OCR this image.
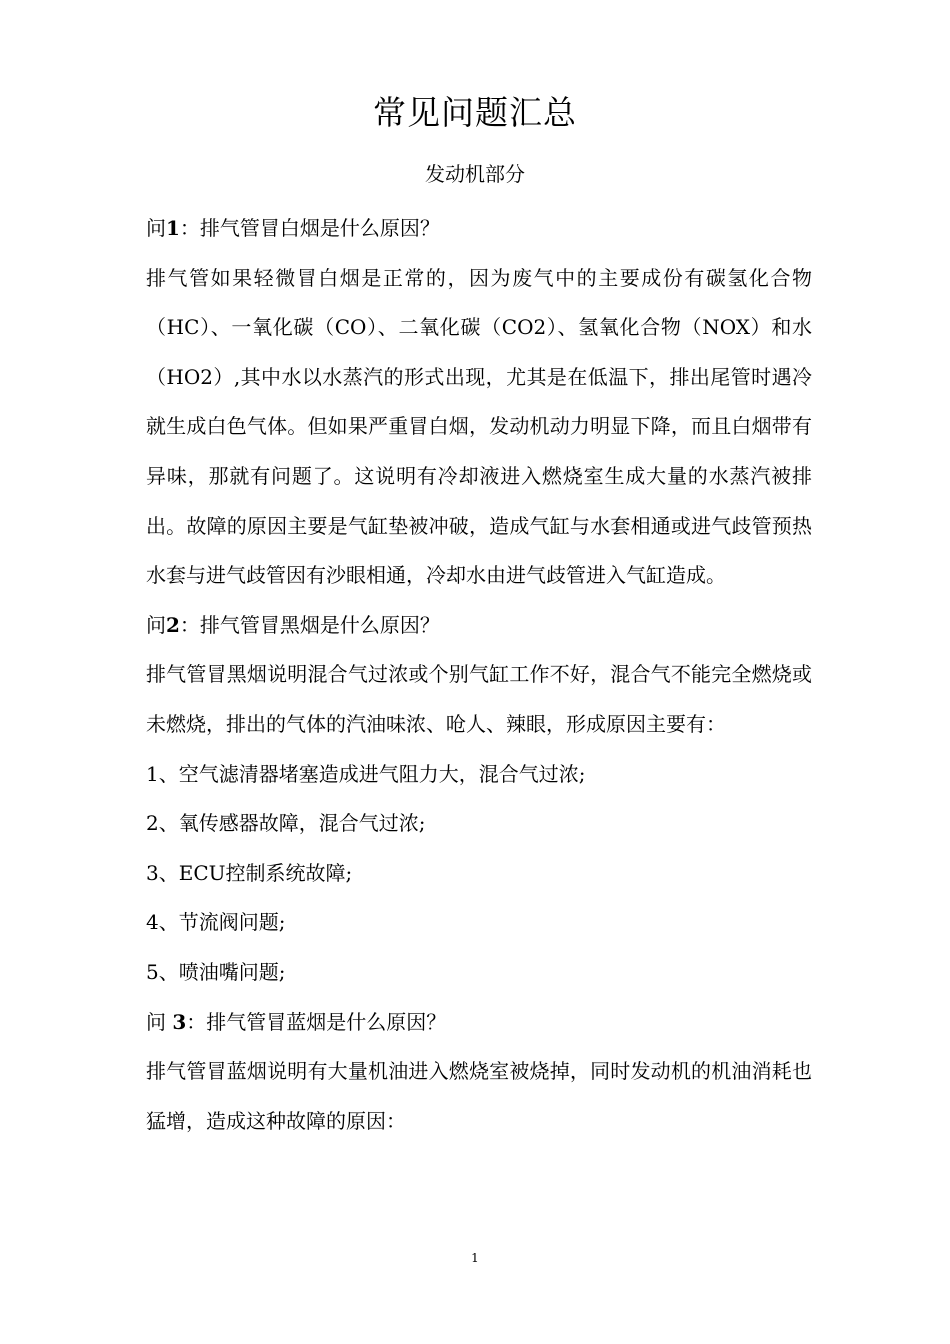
常见问题汇总
发动机部分

问1：排气管冒白烟是什么原因？

排气管如果轻微冒白烟是正常的，因为废气中的主要成份有碳氢化合物（HC）、一氧化碳（CO）、二氧化碳（CO2）、氢氧化合物（NOX）和水（HO2）,其中水以水蒸汽的形式出现，尤其是在低温下，排出尾管时遇冷就生成白色气体。但如果严重冒白烟，发动机动力明显下降，而且白烟带有异味，那就有问题了。这说明有冷却液进入燃烧室生成大量的水蒸汽被排出。故障的原因主要是气缸垫被冲破，造成气缸与水套相通或进气歧管预热水套与进气歧管因有沙眼相通，冷却水由进气歧管进入气缸造成。

问2：排气管冒黑烟是什么原因？

排气管冒黑烟说明混合气过浓或个别气缸工作不好，混合气不能完全燃烧或未燃烧，排出的气体的汽油味浓、呛人、辣眼，形成原因主要有：

1、空气滤清器堵塞造成进气阻力大，混合气过浓;

2、氧传感器故障，混合气过浓;

3、ECU控制系统故障;

4、节流阀问题;

5、喷油嘴问题;

问 3：排气管冒蓝烟是什么原因？

排气管冒蓝烟说明有大量机油进入燃烧室被烧掉，同时发动机的机油消耗也猛增，造成这种故障的原因：

1
